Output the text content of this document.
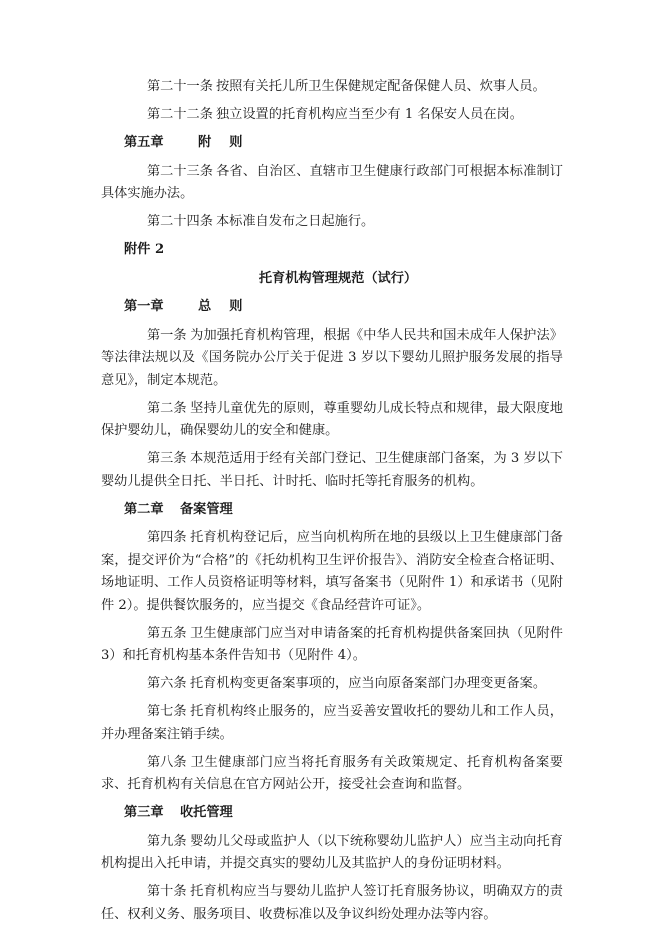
第二十一条 按照有关托儿所卫生保健规定配备保健人员、炊事人员。

第二十二条 独立设置的托育机构应当至少有 1 名保安人员在岗。

第五章	附 则

第二十三条 各省、自治区、直辖市卫生健康行政部门可根据本标准制订具体实施办法。

第二十四条 本标准自发布之日起施行。

附件 2
托育机构管理规范（试行）
第一章	总 则

第一条 为加强托育机构管理，根据《中华人民共和国未成年人保护法》等法律法规以及《国务院办公厅关于促进 3 岁以下婴幼儿照护服务发展的指导意见》，制定本规范。

第二条 坚持儿童优先的原则，尊重婴幼儿成长特点和规律，最大限度地保护婴幼儿，确保婴幼儿的安全和健康。

第三条 本规范适用于经有关部门登记、卫生健康部门备案，为 3 岁以下婴幼儿提供全日托、半日托、计时托、临时托等托育服务的机构。

第二章 备案管理

第四条 托育机构登记后，应当向机构所在地的县级以上卫生健康部门备案，提交评价为“合格”的《托幼机构卫生评价报告》、消防安全检查合格证明、场地证明、工作人员资格证明等材料，填写备案书（见附件 1）和承诺书（见附件 2）。提供餐饮服务的，应当提交《食品经营许可证》。

第五条 卫生健康部门应当对申请备案的托育机构提供备案回执（见附件 3）和托育机构基本条件告知书（见附件 4）。

第六条 托育机构变更备案事项的，应当向原备案部门办理变更备案。

第七条 托育机构终止服务的，应当妥善安置收托的婴幼儿和工作人员，并办理备案注销手续。

第八条 卫生健康部门应当将托育服务有关政策规定、托育机构备案要求、托育机构有关信息在官方网站公开，接受社会查询和监督。

第三章 收托管理

第九条 婴幼儿父母或监护人（以下统称婴幼儿监护人）应当主动向托育机构提出入托申请，并提交真实的婴幼儿及其监护人的身份证明材料。

第十条 托育机构应当与婴幼儿监护人签订托育服务协议，明确双方的责任、权利义务、服务项目、收费标准以及争议纠纷处理办法等内容。
